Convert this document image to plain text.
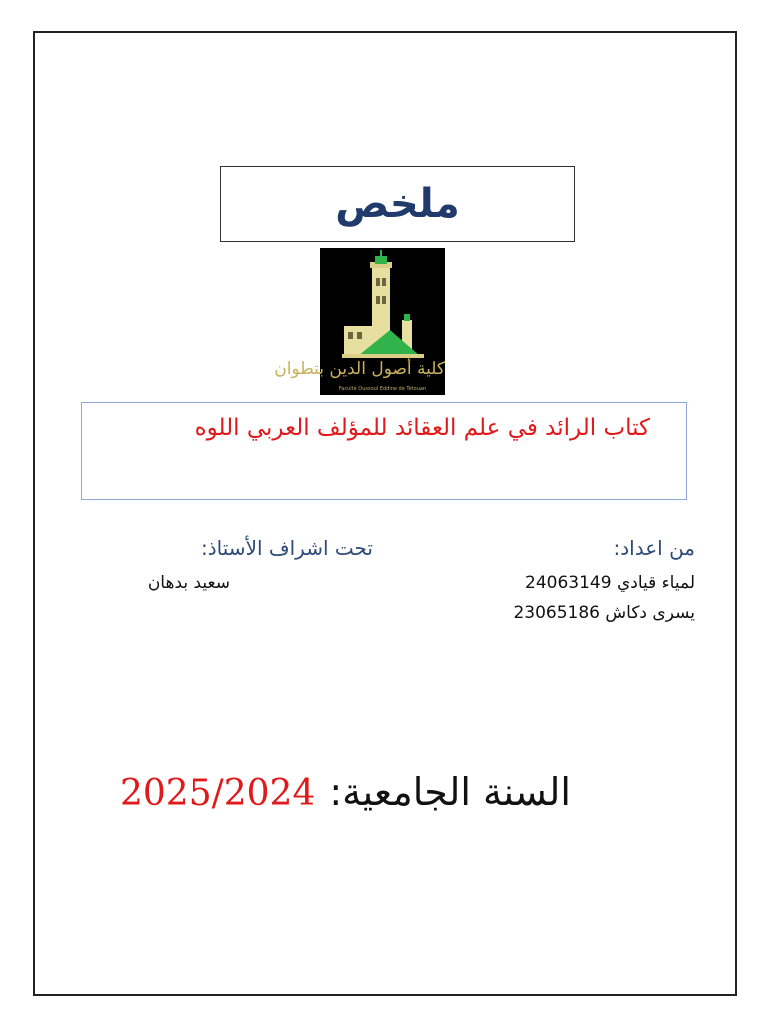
ملخص
كلية أصول الدين بتطوان
Faculté Oussoul Eddine de Tétouan
كتاب الرائد في علم العقائد للمؤلف العربي اللوه
من اعداد:
تحت اشراف الأستاذ:
لمياء قيادي 24063149
يسرى دكاش 23065186
سعيد بدهان
2025/2024 السنة الجامعية:
